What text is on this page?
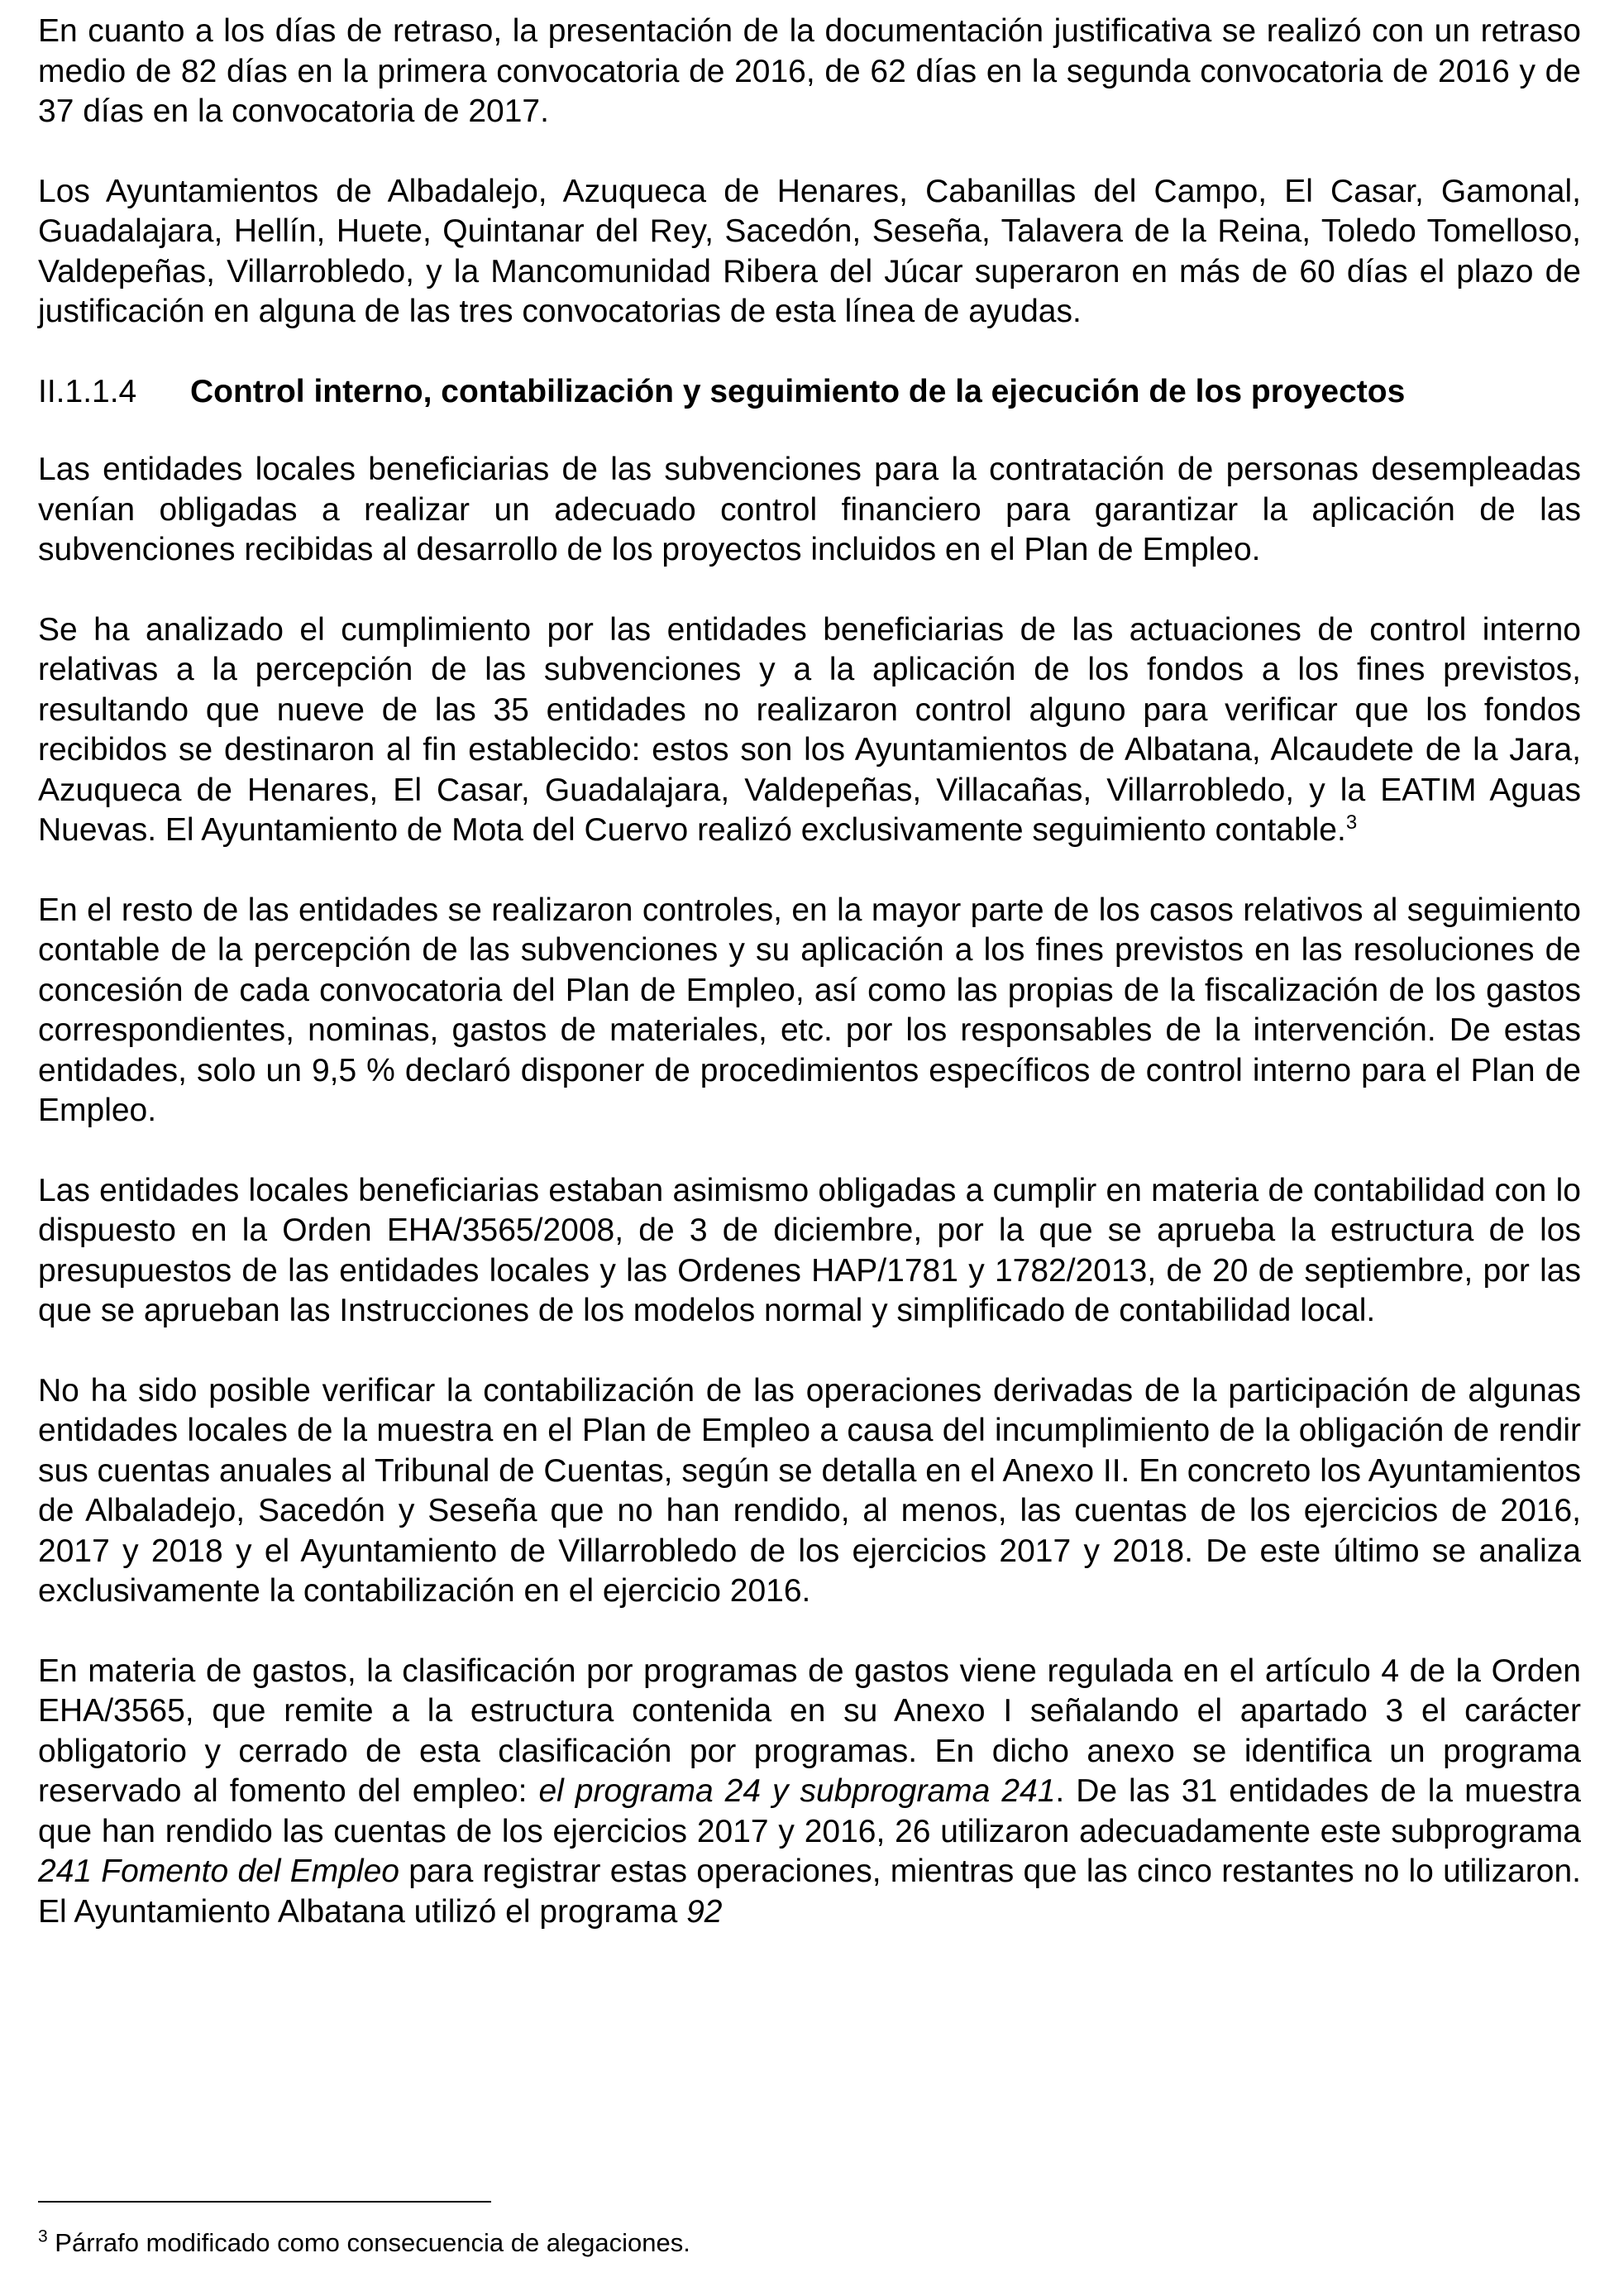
En cuanto a los días de retraso, la presentación de la documentación justificativa se realizó con un retraso medio de 82 días en la primera convocatoria de 2016, de 62 días en la segunda convocatoria de 2016 y de 37 días en la convocatoria de 2017.

Los Ayuntamientos de Albadalejo, Azuqueca de Henares, Cabanillas del Campo, El Casar, Gamonal, Guadalajara, Hellín, Huete, Quintanar del Rey, Sacedón, Seseña, Talavera de la Reina, Toledo Tomelloso, Valdepeñas, Villarrobledo, y la Mancomunidad Ribera del Júcar superaron en más de 60 días el plazo de justificación en alguna de las tres convocatorias de esta línea de ayudas.

II.1.1.4 Control interno, contabilización y seguimiento de la ejecución de los proyectos

Las entidades locales beneficiarias de las subvenciones para la contratación de personas desempleadas venían obligadas a realizar un adecuado control financiero para garantizar la aplicación de las subvenciones recibidas al desarrollo de los proyectos incluidos en el Plan de Empleo.

Se ha analizado el cumplimiento por las entidades beneficiarias de las actuaciones de control interno relativas a la percepción de las subvenciones y a la aplicación de los fondos a los fines previstos, resultando que nueve de las 35 entidades no realizaron control alguno para verificar que los fondos recibidos se destinaron al fin establecido: estos son los Ayuntamientos de Albatana, Alcaudete de la Jara, Azuqueca de Henares, El Casar, Guadalajara, Valdepeñas, Villacañas, Villarrobledo, y la EATIM Aguas Nuevas. El Ayuntamiento de Mota del Cuervo realizó exclusivamente seguimiento contable.$^3$

En el resto de las entidades se realizaron controles, en la mayor parte de los casos relativos al seguimiento contable de la percepción de las subvenciones y su aplicación a los fines previstos en las resoluciones de concesión de cada convocatoria del Plan de Empleo, así como las propias de la fiscalización de los gastos correspondientes, nominas, gastos de materiales, etc. por los responsables de la intervención. De estas entidades, solo un 9,5 % declaró disponer de procedimientos específicos de control interno para el Plan de Empleo.

Las entidades locales beneficiarias estaban asimismo obligadas a cumplir en materia de contabilidad con lo dispuesto en la Orden EHA/3565/2008, de 3 de diciembre, por la que se aprueba la estructura de los presupuestos de las entidades locales y las Ordenes HAP/1781 y 1782/2013, de 20 de septiembre, por las que se aprueban las Instrucciones de los modelos normal y simplificado de contabilidad local.

No ha sido posible verificar la contabilización de las operaciones derivadas de la participación de algunas entidades locales de la muestra en el Plan de Empleo a causa del incumplimiento de la obligación de rendir sus cuentas anuales al Tribunal de Cuentas, según se detalla en el Anexo II. En concreto los Ayuntamientos de Albaladejo, Sacedón y Seseña que no han rendido, al menos, las cuentas de los ejercicios de 2016, 2017 y 2018 y el Ayuntamiento de Villarrobledo de los ejercicios 2017 y 2018. De este último se analiza exclusivamente la contabilización en el ejercicio 2016.

En materia de gastos, la clasificación por programas de gastos viene regulada en el artículo 4 de la Orden EHA/3565, que remite a la estructura contenida en su Anexo I señalando el apartado 3 el carácter obligatorio y cerrado de esta clasificación por programas. En dicho anexo se identifica un programa reservado al fomento del empleo: el programa 24 y subprograma 241. De las 31 entidades de la muestra que han rendido las cuentas de los ejercicios 2017 y 2016, 26 utilizaron adecuadamente este subprograma 241 Fomento del Empleo para registrar estas operaciones, mientras que las cinco restantes no lo utilizaron. El Ayuntamiento Albatana utilizó el programa 92

$^3$ Párrafo modificado como consecuencia de alegaciones.
